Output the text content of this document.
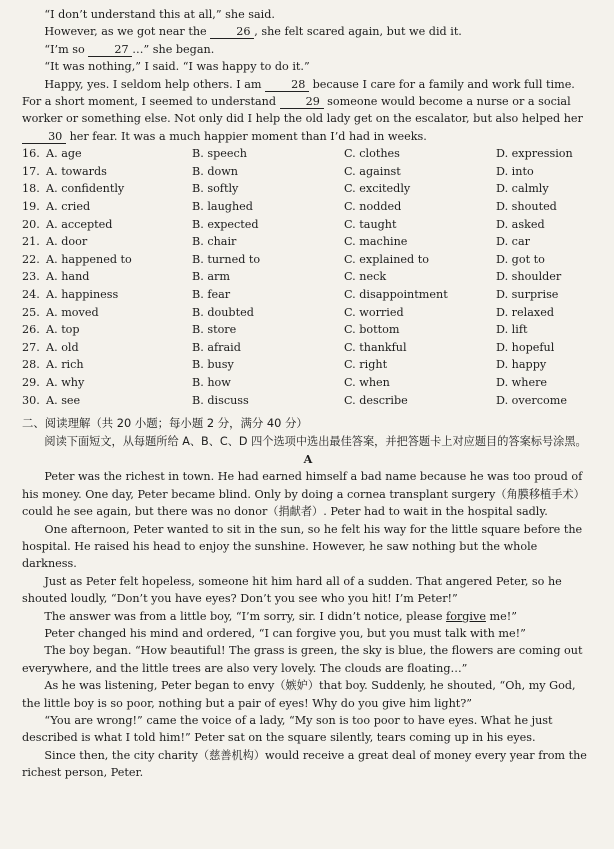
“I don’t understand this at all,” she said.

However, as we got near the	26 , she felt scared again, but we did it.

“I’m so	27 …” she began.

“It was nothing,” I said. “I was happy to do it.”

Happy, yes. I seldom help others. I am	28 because I care for a family and work full time. For a short moment, I seemed to understand	29 someone would become a nurse or a social worker or something else. Not only did I help the old lady get on the escalator, but also helped her 30 her fear. It was a much happier moment than I’d had in weeks.

16. A. age	B. speech	C. clothes	D. expression
17. A. towards	B. down	C. against	D. into
18. A. confidently	B. softly	C. excitedly	D. calmly
19. A. cried	B. laughed	C. nodded	D. shouted
20. A. accepted	B. expected	C. taught	D. asked
21. A. door	B. chair	C. machine	D. car
22. A. happened to	B. turned to	C. explained to	D. got to
23. A. hand	B. arm	C. neck	D. shoulder
24. A. happiness	B. fear	C. disappointment	D. surprise
25. A. moved	B. doubted	C. worried	D. relaxed
26. A. top	B. store	C. bottom	D. lift
27. A. old	B. afraid	C. thankful	D. hopeful
28. A. rich	B. busy	C. right	D. happy
29. A. why	B. how	C. when	D. where
30. A. see	B. discuss	C. describe	D. overcome

二、阅读理解（共 20 小题；每小题 2 分，满分 40 分）

阅读下面短文，从每题所给 A、B、C、D 四个选项中选出最佳答案，并把答题卡上对应题目的答案标号涂黑。

A

Peter was the richest in town. He had earned himself a bad name because he was too proud of his money. One day, Peter became blind. Only by doing a cornea transplant surgery（角膜移植手术）could he see again, but there was no donor（捐献者）. Peter had to wait in the hospital sadly.

One afternoon, Peter wanted to sit in the sun, so he felt his way for the little square before the hospital. He raised his head to enjoy the sunshine. However, he saw nothing but the whole darkness.

Just as Peter felt hopeless, someone hit him hard all of a sudden. That angered Peter, so he shouted loudly, “Don’t you have eyes? Don’t you see who you hit! I’m Peter!”

The answer was from a little boy, “I’m sorry, sir. I didn’t notice, please forgive me!”

Peter changed his mind and ordered, “I can forgive you, but you must talk with me!”

The boy began. “How beautiful! The grass is green, the sky is blue, the flowers are coming out everywhere, and the little trees are also very lovely. The clouds are floating…”

As he was listening, Peter began to envy（嫉妒）that boy. Suddenly, he shouted, “Oh, my God, the little boy is so poor, nothing but a pair of eyes! Why do you give him light?”

“You are wrong!” came the voice of a lady, “My son is too poor to have eyes. What he just described is what I told him!” Peter sat on the square silently, tears coming up in his eyes.

Since then, the city charity（慈善机构）would receive a great deal of money every year from the richest person, Peter.
